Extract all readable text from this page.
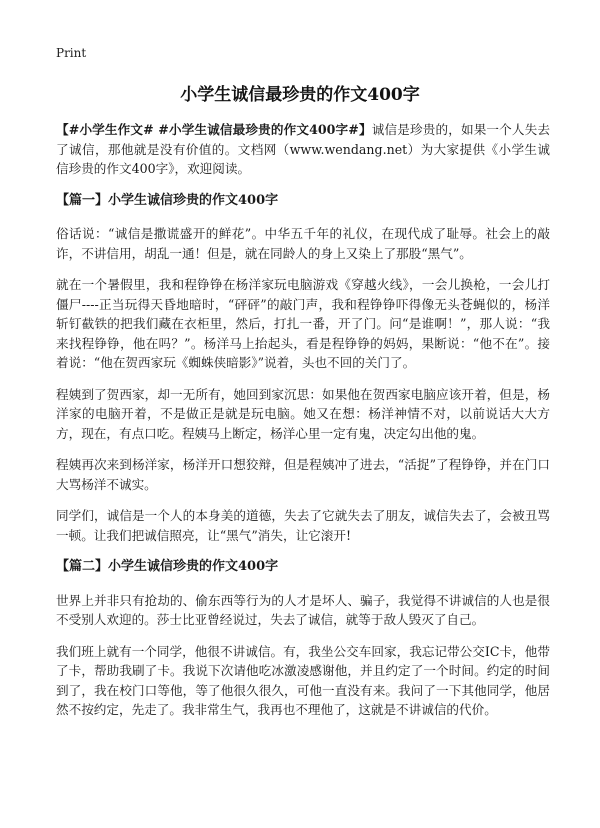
Print
小学生诚信最珍贵的作文400字

【#小学生作文# #小学生诚信最珍贵的作文400字#】诚信是珍贵的，如果一个人失去了诚信，那他就是没有价值的。文档网（www.wendang.net）为大家提供《小学生诚信珍贵的作文400字》，欢迎阅读。

【篇一】小学生诚信珍贵的作文400字

俗话说：“诚信是撒谎盛开的鲜花”。中华五千年的礼仪，在现代成了耻辱。社会上的敲诈，不讲信用，胡乱一通！但是，就在同龄人的身上又染上了那股“黑气”。

就在一个暑假里，我和程铮铮在杨洋家玩电脑游戏《穿越火线》，一会儿换枪，一会儿打僵尸----正当玩得天昏地暗时，“砰砰”的敲门声，我和程铮铮吓得像无头苍蝇似的，杨洋斩钉截铁的把我们藏在衣柜里，然后，打扎一番，开了门。问“是谁啊！”，那人说：“我来找程铮铮，他在吗？”。杨洋马上抬起头，看是程铮铮的妈妈，果断说：“他不在”。接着说：“他在贺西家玩《蜘蛛侠暗影》”说着，头也不回的关门了。

程姨到了贺西家，却一无所有，她回到家沉思：如果他在贺西家电脑应该开着，但是，杨洋家的电脑开着，不是做正是就是玩电脑。她又在想：杨洋神情不对，以前说话大大方方，现在，有点口吃。程姨马上断定，杨洋心里一定有鬼，决定勾出他的鬼。

程姨再次来到杨洋家，杨洋开口想狡辩，但是程姨冲了进去，“活捉”了程铮铮，并在门口大骂杨洋不诚实。

同学们，诚信是一个人的本身美的道德，失去了它就失去了朋友，诚信失去了，会被丑骂一顿。让我们把诚信照亮，让“黑气”消失，让它滚开!

【篇二】小学生诚信珍贵的作文400字

世界上并非只有抢劫的、偷东西等行为的人才是坏人、骗子，我觉得不讲诚信的人也是很不受别人欢迎的。莎士比亚曾经说过，失去了诚信，就等于敌人毁灭了自己。

我们班上就有一个同学，他很不讲诚信。有，我坐公交车回家，我忘记带公交IC卡，他带了卡，帮助我刷了卡。我说下次请他吃冰激凌感谢他，并且约定了一个时间。约定的时间到了，我在校门口等他，等了他很久很久，可他一直没有来。我问了一下其他同学，他居然不按约定，先走了。我非常生气，我再也不理他了，这就是不讲诚信的代价。
